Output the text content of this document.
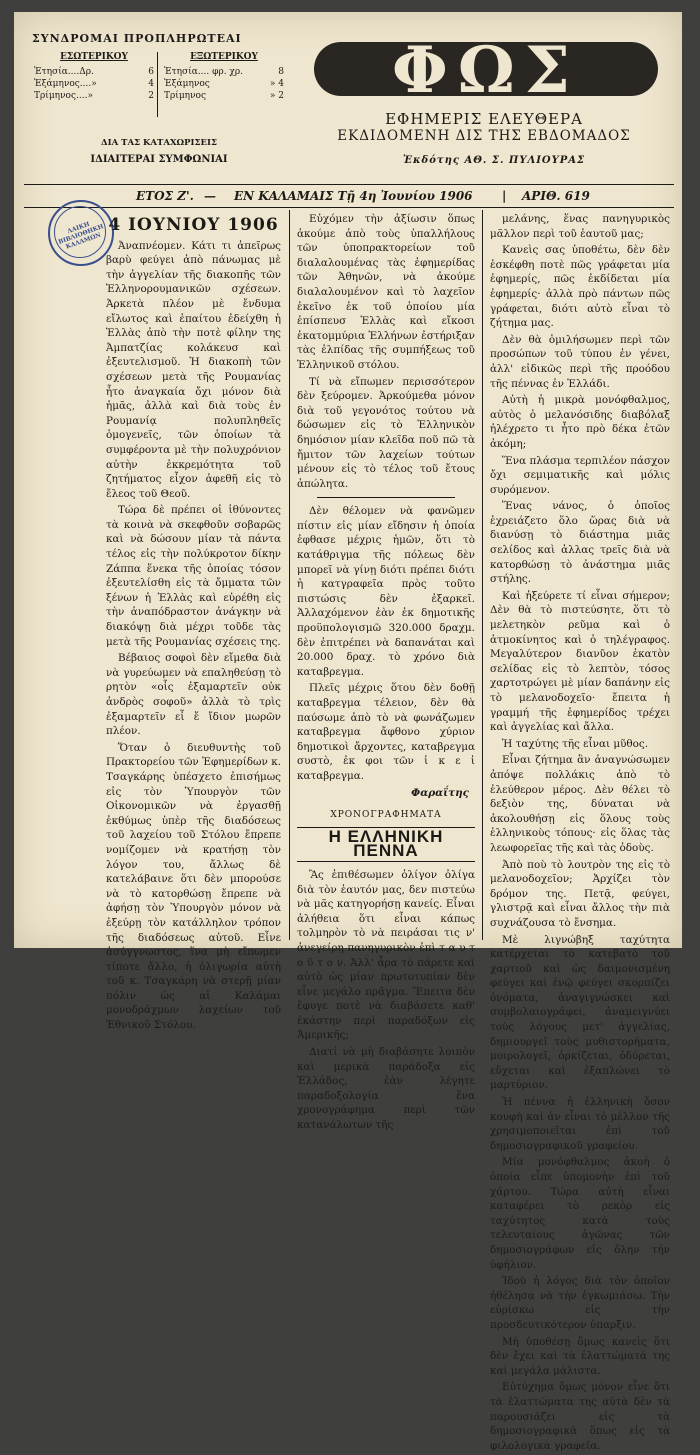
ΣΥΝΔΡΟΜΑΙ ΠΡΟΠΛΗΡΩΤΕΑΙ
ΕΣΩΤΕΡΙΚΟΥ
Ἐτησία....Δρ.	6
Ἑξάμηνος....»	4
Τρίμηνος....»	2
ΕΞΩΤΕΡΙΚΟΥ
Ἐτησία.... φρ. χρ.	8
Ἑξάμηνος	» 4
Τρίμηνος	» 2
ΔΙΑ ΤΑΣ ΚΑΤΑΧΩΡΙΣΕΙΣ
ΙΔΙΑΙΤΕΡΑΙ ΣΥΜΦΩΝΙΑΙ
ΦΩΣ
ΕΦΗΜΕΡΙΣ ΕΛΕΥΘΕΡΑ
ΕΚΔΙΔΟΜΕΝΗ ΔΙΣ ΤΗΣ ΕΒΔΟΜΑΔΟΣ
Ἐκδότης ΑΘ. Σ. ΠΥΛΙΟΥΡΑΣ
ΕΤΟΣ Ζ'. — ΕΝ ΚΑΛΑΜΑΙΣ Τῇ 4η Ἰουνίου 1906 | ΑΡΙΘ. 619
ΛΑΙΚΗ ΒΙΒΛΙΟΘΗΚΗ ΚΑΛΑΜΩΝ
4 ΙΟΥΝΙΟΥ 1906

Ἀναπνέομεν. Κάτι τι ἀπεῖρως βαρὺ φεύγει ἀπὸ πάνωμας μὲ τὴν ἀγγελίαν τῆς διακοπῆς τῶν Ἑλληνορουμανικῶν σχέσεων. Ἀρκετὰ πλέον μὲ ἔνδυμα εἴλωτος καὶ ἐπαίτου ἐδείχθη ἡ Ἑλλὰς ἀπὸ τὴν ποτὲ φίλην της Ἀμπατζίας κολάκευσ καὶ ἐξευτελισμοῦ. Ἡ διακοπὴ τῶν σχέσεων μετὰ τῆς Ρουμανίας ἦτο ἀναγκαία ὄχι μόνον διὰ ἡμᾶς, ἀλλὰ καὶ διὰ τοὺς ἐν Ρουμανίᾳ πολυπληθεῖς ὁμογενεῖς, τῶν ὁποίων τὰ συμφέροντα μὲ τὴν πολυχρόνιον αὐτὴν ἐκκρεμότητα τοῦ ζητήματος εἶχον ἀφεθῆ εἰς τὸ ἔλεος τοῦ Θεοῦ.

Τώρα δὲ πρέπει οἱ ἰθύνοντες τὰ κοινὰ νὰ σκεφθοῦν σοβαρῶς καὶ νὰ δώσουν μίαν τὰ πάντα τέλος εἰς τὴν πολύκροτον δίκην Ζάππα ἕνεκα τῆς ὁποίας τόσον ἐξευτελίσθη εἰς τὰ ὄμματα τῶν ξένων ἡ Ἑλλὰς καὶ εὑρέθη εἰς τὴν ἀναπόδραστον ἀνάγκην νὰ διακόψῃ διὰ μέχρι τοῦδε τὰς μετὰ τῆς Ρουμανίας σχέσεις της.

Βέβαιος σοφοὶ δὲν εἴμεθα διὰ νὰ γυρεύωμεν νὰ επαληθεύσῃ τὸ ρητὸν «οἷς ἐξαμαρτεῖν οὐκ ἀνδρὸς σοφοῦ» ἀλλὰ τὸ τρὶς ἐξαμαρτεῖν εἶ ἔ ἴδιον μωρῶν πλέον.

Ὅταν ὁ διευθυντὴς τοῦ Πρακτορείου τῶν Ἐφημερίδων κ. Τσαγκάρης ὑπέσχετο ἐπισήμως εἰς τὸν Ὑπουργὸν τῶν Οἰκονομικῶν νὰ ἐργασθῇ ἐκθύμως ὑπὲρ τῆς διαδόσεως τοῦ λαχείου τοῦ Στόλου ἔπρεπε νομίζομεν νὰ κρατήσῃ τὸν λόγον του, ἄλλως δὲ κατελάβαινε ὅτι δὲν μπορούσε νὰ τὸ κατορθώσῃ ἔπρεπε νὰ ἀφήσῃ τὸν Ὑπουργὸν μόνον νὰ ἐξεύρῃ τὸν κατάλληλον τρόπον τῆς διαδόσεως αὐτοῦ. Εἶνε ἀσύγγνωστος, ἵνα μὴ εἴπωμεν τίποτε ἄλλο, ἡ ὀλιγωρία αὐτὴ τοῦ κ. Τσαγκάρη νὰ στερῇ μίαν πόλιν ὡς αἱ Καλάμαι μονοδράχμων λαχείων τοῦ Ἐθνικοῦ Στόλου.

Εὐχόμεν τὴν ἀξίωσιν ὅπως ἀκούμε ἀπὸ τοὺς ὑπαλλήλους τῶν ὑποπρακτορείων τοῦ διαλαλουμένας τὰς ἐφημερίδας τῶν Ἀθηνῶν, νὰ ἀκούμε διαλαλουμένον καὶ τὸ λαχεῖον ἐκεῖνο ἐκ τοῦ ὁποίου μία ἐπίσπευσ Ἑλλὰς καὶ εἴκοσι ἑκατομμύρια Ἑλλήνων ἐστήριξαν τὰς ἐλπίδας τῆς συμπήξεως τοῦ Ἑλληνικοῦ στόλου.

Τί νὰ εἴπωμεν περισσότερον δὲν ξεύρομεν. Ἀρκούμεθα μόνον διὰ τοῦ γεγονότος τούτου νὰ δώσωμεν εἰς τὸ Ἑλληνικὸν δημόσιον μίαν κλεῖδα ποῦ πῶ τὰ ἤμιτον τῶν λαχείων τούτων μένουν εἰς τὸ τέλος τοῦ ἔτους ἀπώλητα.

Δὲν θέλομεν νὰ φανῶμεν πίστιν εἰς μίαν εἴδησιν ἡ ὁποία ἐφθασε μέχρις ἡμῶν, ὅτι τὸ κατάθριγμα τῆς πόλεως δὲν μπορεῖ νὰ γίνῃ διότι πρέπει διότι ἡ κατγραφεῖα πρὸς τοῦτο πιστώσις δὲν ἐξαρκεῖ. Ἀλλαχόμενον ἐὰν ἐκ δημοτικῆς προϋπολογισμῶ 320.000 δραχμ. δὲν ἐπιτρέπει νὰ δαπανάται καὶ 20.000 δραχ. τὸ χρόνο διὰ καταβρεγμα.

Πλεῖς μέχρις ὅτου δὲν δοθῇ καταβρεγμα τέλειον, δὲν θὰ παύσωμε ἀπὸ τὸ νὰ φωνάζωμεν καταβρεγμα ἄφθονο χύριον δημοτικοὶ ἄρχοντες, καταβρεγμα συστὸ, ἐκ φοι τῶν ἰ κ ε ἰ καταβρεγμα.

Φαραΐτης
ΧΡΟΝΟΓΡΑΦΗΜΑΤΑ
Η ΕΛΛΗΝΙΚΗ ΠΕΝΝΑ

Ἂς ἐπιθέσωμεν ὀλίγον ὀλίγα διὰ τὸν ἑαυτόν μας, δεν πιστεύω νὰ μᾶς κατηγορήσῃ κανείς. Εἶναι ἀλήθεια ὅτι εἶναι κάπως τολμηρὸν τὸ νὰ πειράσαι τις ν' ἀνεγείρῃ πανηγυρικὸν ἐπὶ τ α υ τ ο ῦ τ ο ν. Ἀλλ' ἆρα τὸ πάρετε καὶ αὐτὸ ὡς μίαν πρωτοτυπίαν δὲν εἶνε μεγάλο πρᾶγμα. Ἔπειτα δὲν ἔφυγε ποτὲ νὰ διαβάσετε καθ' ἑκάστην περὶ παραδόξων εἰς Ἀμερικῆς;

Διατί νὰ μὴ διαβάσητε λοιπὸν καὶ μερικὰ παράδοξα εἰς Ἑλλάδος, ἐὰν λέγητε παραδοξολογία ἕνα χρονογράφημα περὶ τῶν κατανάλωτων τῆς

μελάνης, ἕνας πανηγυρικὸς μᾶλλον περὶ τοῦ ἑαυτοῦ μας;

Κανεὶς σας ὑποθέτω, δὲν δὲν ἐσκέφθη ποτὲ πῶς γράφεται μία ἐφημερίς, πῶς ἐκδίδεται μία ἐφημερίς· ἀλλὰ πρὸ πάντων πῶς γράφεται, διότι αὐτὸ εἶναι τὸ ζήτημα μας.

Δὲν θὰ ὁμιλήσωμεν περὶ τῶν προσώπων τοῦ τύπου ἐν γένει, ἀλλ' εἰδικῶς περὶ τῆς προόδου τῆς πέννας ἐν Ἑλλάδι.

Αὐτὴ ἡ μικρὰ μονόφθαλμος, αὐτὸς ὁ μελανόσιδης διαβόλαξ ἠλέχρετο τι ἦτο πρὸ δέκα ἐτῶν ἀκόμη;

Ἕνα πλάσμα τερπιλέον πάσχον ὄχι σεμιματικῆς καὶ μόλις συρόμενον.

Ἕνας νάνος, ὁ ὁποῖος ἐχρειάζετο ὅλο ὥρας διὰ νὰ διανύσῃ τὸ διάστημα μιᾶς σελίδος καὶ ἀλλας τρεῖς διὰ νὰ κατορθώσῃ τὸ ἀνάστημα μιᾶς στήλης.

Καὶ ἠξεύρετε τί εἶναι σήμερον; Δὲν θὰ τὸ πιστεύσητε, ὅτι τὸ μελετηκὸν ρεῦμα καὶ ὁ ἀτμοκίνητος καὶ ὁ τηλέγραφος. Μεγαλύτερον διανῦον ἐκατὸν σελίδας εἰς τὸ λεπτὸν, τόσος χαρτοτρώγει μὲ μίαν δαπάνην εἰς τὸ μελανοδοχεῖο· ἔπειτα ἡ γραμμή τῆς ἐφημερίδος τρέχει καὶ ἀγγελίας καὶ ἄλλα.

Ἡ ταχύτης τῆς εἶναι μῦθος.

Εἶναι ζήτημα ἂν ἀναγνώσωμεν ἀπόψε πολλάκις ἀπὸ τὸ ἐλεύθερον μέρος. Δὲν θέλει τὸ δεξιὸν της, δύναται νὰ ἀκολουθήσῃ εἰς ὅλους τοὺς ἐλληνικοὺς τόπους· εἰς ὅλας τὰς λεωφορεῖας τῆς καὶ τὰς ὁδοὺς.

Ἀπὸ ποὺ τὸ λουτρὸν της εἰς τὸ μελανοδοχεῖον; Ἀρχίζει τὸν δρόμον της. Πετᾷ, φεύγει, γλιστρᾷ καὶ εἶναι ἄλλος τὴν πιὰ συχνάζουσα τὸ ἔνσημα.

Μὲ λιγνώβηξ ταχύτητα κατέρχεται τὸ κατεβατὸ τοῦ χαρτιοῦ καὶ ὡς δαιμονισμένη φεύγει καὶ ἐνῷ φεύγει σκορπίζει ὀνόματα, ἀναγιγνώσκει καὶ συμβολαιογράφει, ἀναμειγνύει τοὺς λόγους μετ' ἀγγελίας, δημιουργεῖ τοὺς μυθιστορήματα, μοιρολογεῖ, ὀρκίζεται, ὀδύρεται, εὔχεται καὶ ἐξαπλώνει τὸ μαρτύριον.

Ἡ πέννα ἡ ἑλληνικὴ ὅσον κουφὴ καὶ ἀν εἶναι τὸ μέλλον τῆς χρησιμοποιεῖται ἐπὶ τοῦ δημοσιογραφικοῦ γραφείου.

Μία μονόφθαλμος ἀκοὴ ὁ ὁποία εἶπε ὑπομονὴν ἐπὶ τοῦ χάρτου. Τώρα αὐτὴ εἶναι καταφέρει τὸ ρεκὸρ εἰς ταχύτητος κατὰ τοὺς τελευταίους ἀγῶνας τῶν δημοσιογράφων εἰς ὅλην τὴν ὑφήλιον.

Ἰδοὺ ἡ λόγος διὰ τὸν ὁποῖον ἠθέλησα νὰ τὴν ἐγκωμιάσω. Τὴν εὐρίσκω εἰς τὴν προσδευτικότερον ὑπαρξιν.

Μὴ ὑποθέσῃ ὅμως κανεὶς ὅτι δὲν ἔχει καὶ τὰ ἐλαττώματά της καὶ μεγάλα μάλιστα.

Εὐτύχημα ὅμως μόνον εἶνε ὅτι τὰ ἐλαττώματα της αὐτὰ δὲν τὰ παρουσιάζει εἰς τὰ δημοσιογραφικὰ ὅπως εἰς τὰ φιλολογικὰ γραφεῖα.
